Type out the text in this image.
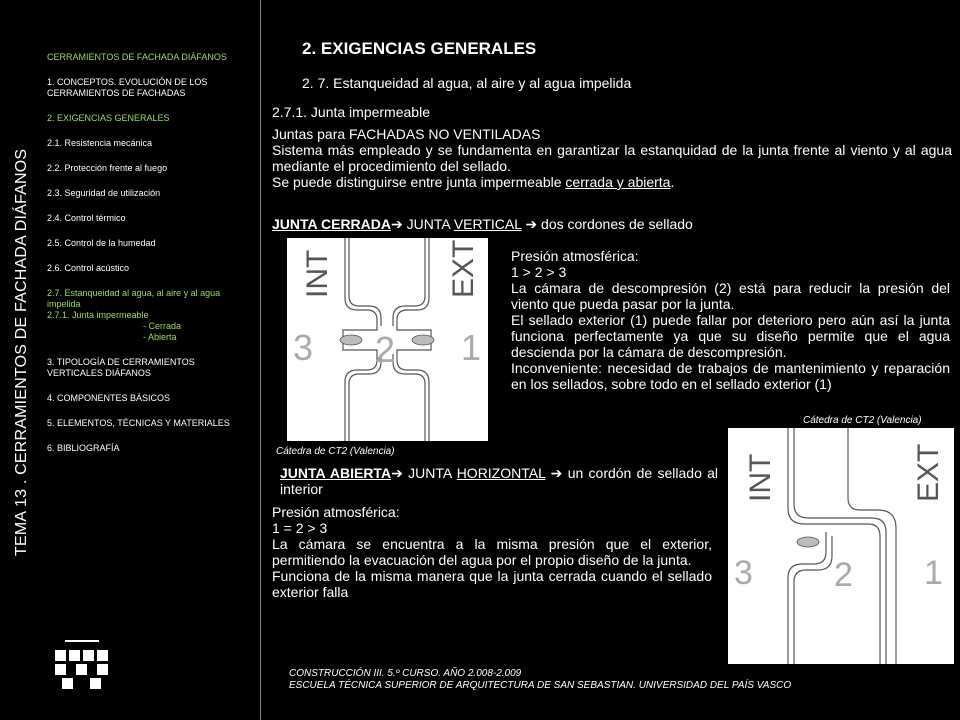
TEMA 13 . CERRAMIENTOS DE FACHADA DIÁFANOS
CERRAMIENTOS DE FACHADA DIÁFANOS
1. CONCEPTOS. EVOLUCIÓN DE LOS CERRAMIENTOS DE FACHADAS
2. EXIGENCIAS GENERALES
2.1. Resistencia mecánica
2.2. Protección frente al fuego
2.3. Seguridad de utilización
2.4. Control térmico
2.5. Control de la humedad
2.6. Control acústico
2.7. Estanqueidad al agua, al aire y al agua impelida
2.7.1. Junta impermeable
- Cerrada
- Abierta
3. TIPOLOGÍA DE CERRAMIENTOS VERTICALES DIÁFANOS
4. COMPONENTES BÁSICOS
5. ELEMENTOS, TÉCNICAS Y MATERIALES
6. BIBLIOGRAFÍA
2. EXIGENCIAS GENERALES
2. 7. Estanqueidad al agua, al aire y al agua impelida
2.7.1. Junta impermeable
Juntas para FACHADAS NO VENTILADAS
Sistema más empleado y se fundamenta en garantizar la estanquidad de la junta frente al viento y al agua mediante el procedimiento del sellado.
Se puede distinguirse entre junta impermeable cerrada y abierta.
JUNTA CERRADA➔ JUNTA VERTICAL ➔ dos cordones de sellado
INT	EXT
3 2 1
Cátedra de CT2 (Valencia)
Presión atmosférica:
1 > 2 > 3
La cámara de descompresión (2) está para reducir la presión del viento que pueda pasar por la junta.
El sellado exterior (1) puede fallar por deterioro pero aún así la junta funciona perfectamente ya que su diseño permite que el agua descienda por la cámara de descompresión.
Inconveniente: necesidad de trabajos de mantenimiento y reparación en los sellados, sobre todo en el sellado exterior (1)
JUNTA ABIERTA➔ JUNTA HORIZONTAL ➔ un cordón de sellado al interior
Presión atmosférica:
1 = 2 > 3
La cámara se encuentra a la misma presión que el exterior, permitiendo la evacuación del agua por el propio diseño de la junta.
Funciona de la misma manera que la junta cerrada cuando el sellado exterior falla
Cátedra de CT2 (Valencia)
INT	EXT
3 2 1
CONSTRUCCIÓN III. 5.º CURSO. AÑO 2.008-2.009
ESCUELA TÉCNICA SUPERIOR DE ARQUITECTURA DE SAN SEBASTIAN. UNIVERSIDAD DEL PAÍS VASCO
